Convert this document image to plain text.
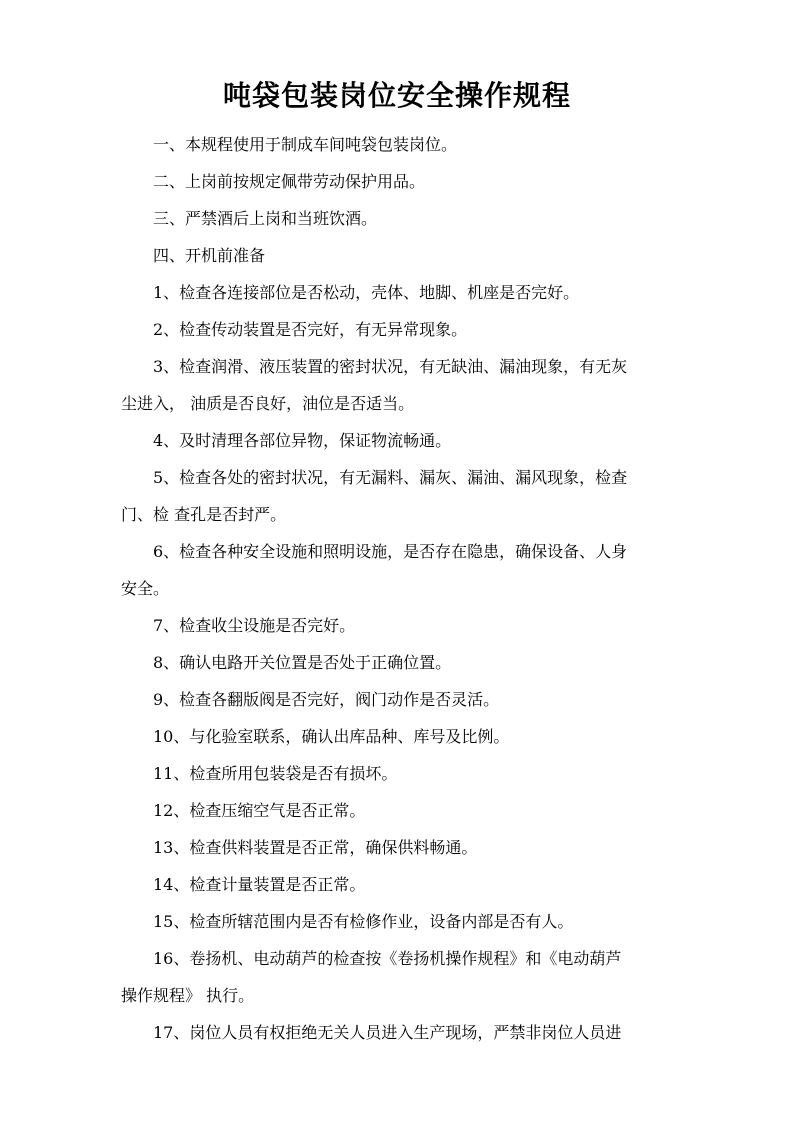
吨袋包装岗位安全操作规程

一、本规程使用于制成车间吨袋包装岗位。

二、上岗前按规定佩带劳动保护用品。

三、严禁酒后上岗和当班饮酒。

四、开机前准备

1、检查各连接部位是否松动，壳体、地脚、机座是否完好。

2、检查传动装置是否完好，有无异常现象。

3、检查润滑、液压装置的密封状况，有无缺油、漏油现象，有无灰
尘进入， 油质是否良好，油位是否适当。

4、及时清理各部位异物，保证物流畅通。

5、检查各处的密封状况，有无漏料、漏灰、漏油、漏风现象，检查
门、检 查孔是否封严。

6、检查各种安全设施和照明设施，是否存在隐患，确保设备、人身
安全。

7、检查收尘设施是否完好。

8、确认电路开关位置是否处于正确位置。

9、检查各翻版阀是否完好，阀门动作是否灵活。

10、与化验室联系，确认出库品种、库号及比例。

11、检查所用包装袋是否有损坏。

12、检查压缩空气是否正常。

13、检查供料装置是否正常，确保供料畅通。

14、检查计量装置是否正常。

15、检查所辖范围内是否有检修作业，设备内部是否有人。

16、卷扬机、电动葫芦的检查按《卷扬机操作规程》和《电动葫芦
操作规程》 执行。

17、岗位人员有权拒绝无关人员进入生产现场，严禁非岗位人员进
